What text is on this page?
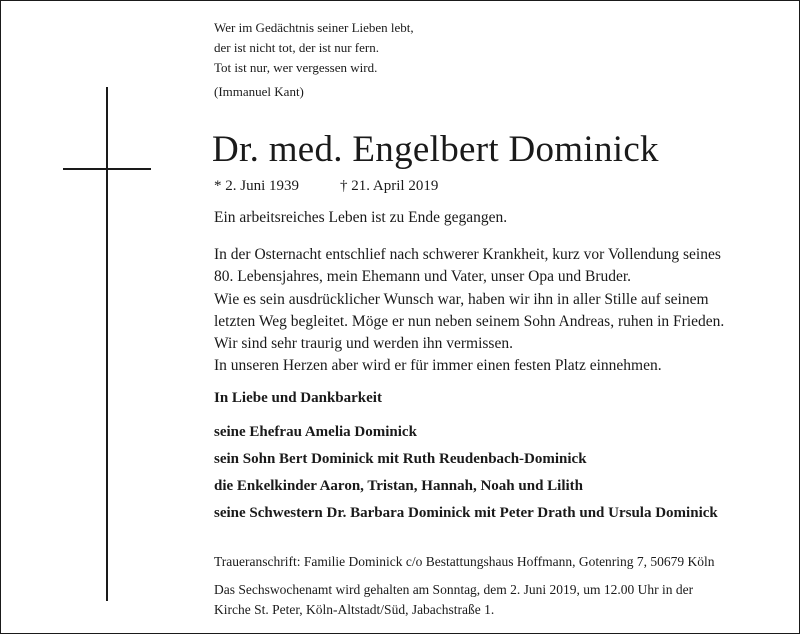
Wer im Gedächtnis seiner Lieben lebt,
der ist nicht tot, der ist nur fern.
Tot ist nur, wer vergessen wird.
(Immanuel Kant)
Dr. med. Engelbert Dominick
* 2. Juni 1939	† 21. April 2019
Ein arbeitsreiches Leben ist zu Ende gegangen.
In der Osternacht entschlief nach schwerer Krankheit, kurz vor Vollendung seines
80. Lebensjahres, mein Ehemann und Vater, unser Opa und Bruder.
Wie es sein ausdrücklicher Wunsch war, haben wir ihn in aller Stille auf seinem
letzten Weg begleitet. Möge er nun neben seinem Sohn Andreas, ruhen in Frieden.
Wir sind sehr traurig und werden ihn vermissen.
In unseren Herzen aber wird er für immer einen festen Platz einnehmen.
In Liebe und Dankbarkeit
seine Ehefrau Amelia Dominick
sein Sohn Bert Dominick mit Ruth Reudenbach-Dominick
die Enkelkinder Aaron, Tristan, Hannah, Noah und Lilith
seine Schwestern Dr. Barbara Dominick mit Peter Drath und Ursula Dominick
Traueranschrift: Familie Dominick c/o Bestattungshaus Hoffmann, Gotenring 7, 50679 Köln
Das Sechswochenamt wird gehalten am Sonntag, dem 2. Juni 2019, um 12.00 Uhr in der
Kirche St. Peter, Köln-Altstadt/Süd, Jabachstraße 1.
